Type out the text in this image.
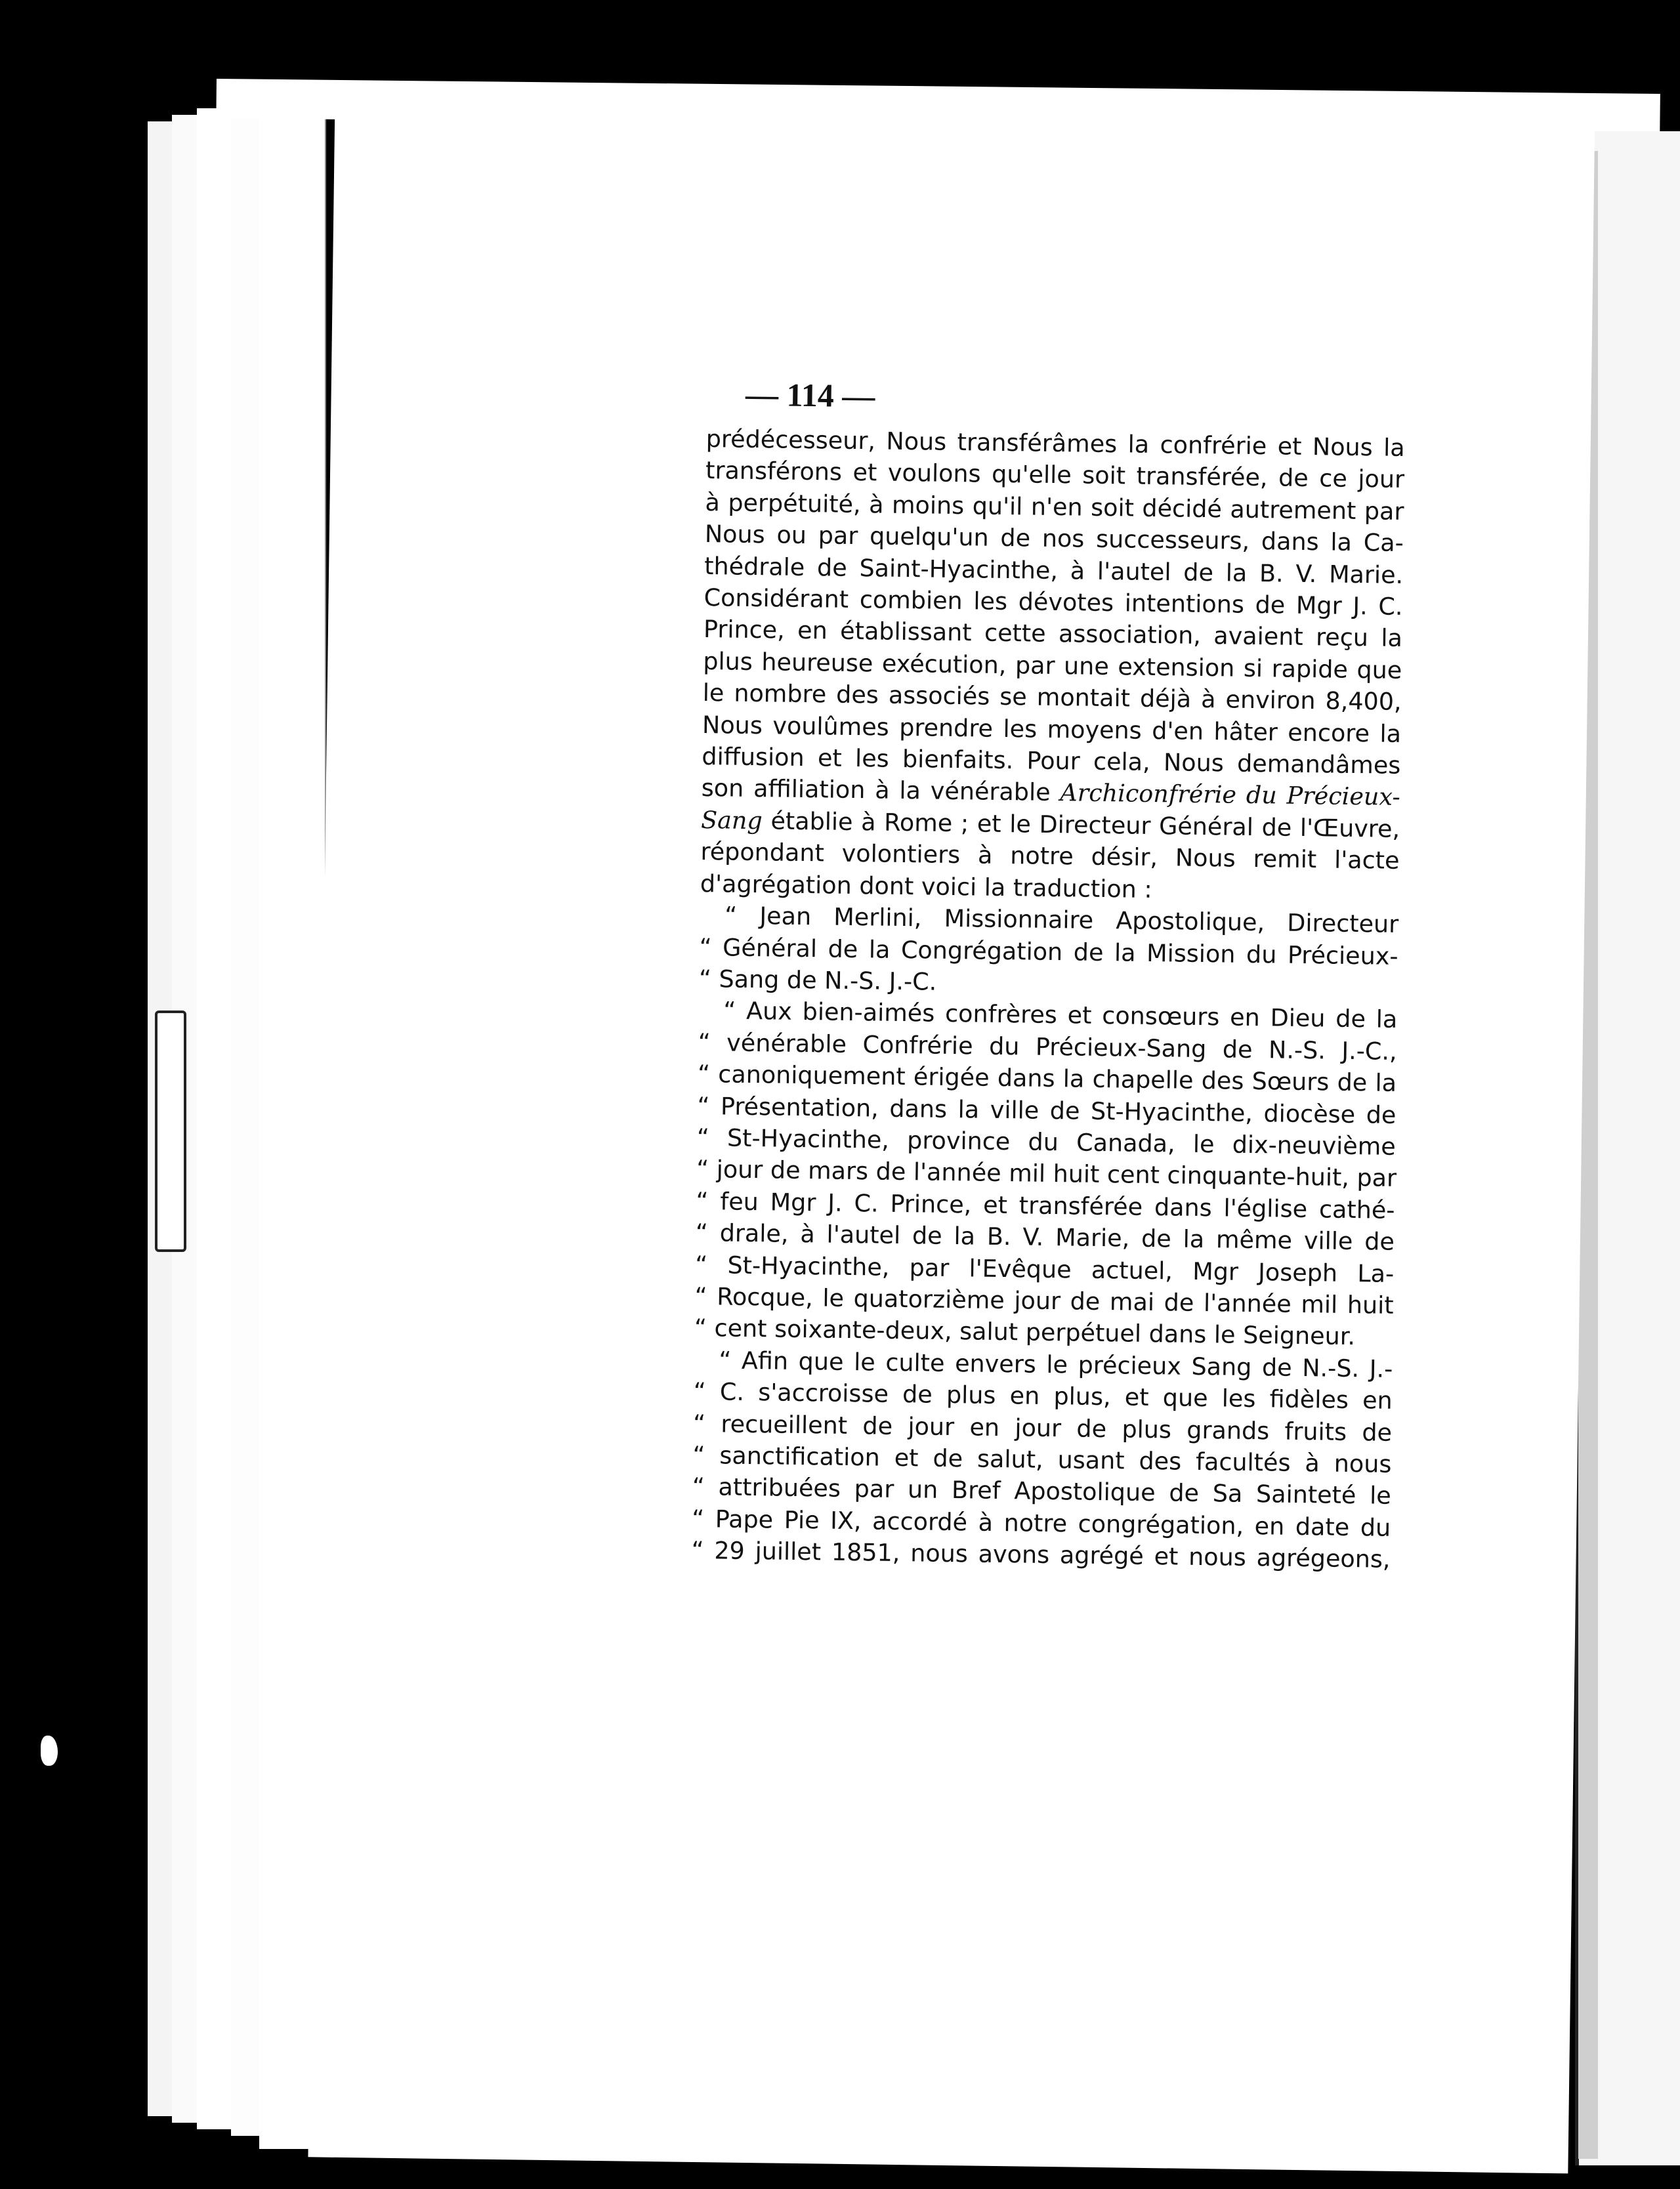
— 114 —
prédécesseur, Nous transférâmes la confrérie et Nous la
transférons et voulons qu'elle soit transférée, de ce jour
à perpétuité, à moins qu'il n'en soit décidé autrement par
Nous ou par quelqu'un de nos successeurs, dans la Ca-
thédrale de Saint-Hyacinthe, à l'autel de la B. V. Marie.
Considérant combien les dévotes intentions de Mgr J. C.
Prince, en établissant cette association, avaient reçu la
plus heureuse exécution, par une extension si rapide que
le nombre des associés se montait déjà à environ 8,400,
Nous voulûmes prendre les moyens d'en hâter encore la
diffusion et les bienfaits. Pour cela, Nous demandâmes
son affiliation à la vénérable Archiconfrérie du Précieux-
Sang établie à Rome ; et le Directeur Général de l'Œuvre,
répondant volontiers à notre désir, Nous remit l'acte
d'agrégation dont voici la traduction :
“ Jean Merlini, Missionnaire Apostolique, Directeur
“ Général de la Congrégation de la Mission du Précieux-
“ Sang de N.-S. J.-C.
“ Aux bien-aimés confrères et consœurs en Dieu de la
“ vénérable Confrérie du Précieux-Sang de N.-S. J.-C.,
“ canoniquement érigée dans la chapelle des Sœurs de la
“ Présentation, dans la ville de St-Hyacinthe, diocèse de
“ St-Hyacinthe, province du Canada, le dix-neuvième
“ jour de mars de l'année mil huit cent cinquante-huit, par
“ feu Mgr J. C. Prince, et transférée dans l'église cathé-
“ drale, à l'autel de la B. V. Marie, de la même ville de
“ St-Hyacinthe, par l'Evêque actuel, Mgr Joseph La-
“ Rocque, le quatorzième jour de mai de l'année mil huit
“ cent soixante-deux, salut perpétuel dans le Seigneur.
“ Afin que le culte envers le précieux Sang de N.-S. J.-
“ C. s'accroisse de plus en plus, et que les fidèles en
“ recueillent de jour en jour de plus grands fruits de
“ sanctification et de salut, usant des facultés à nous
“ attribuées par un Bref Apostolique de Sa Sainteté le
“ Pape Pie IX, accordé à notre congrégation, en date du
“ 29 juillet 1851, nous avons agrégé et nous agrégeons,
